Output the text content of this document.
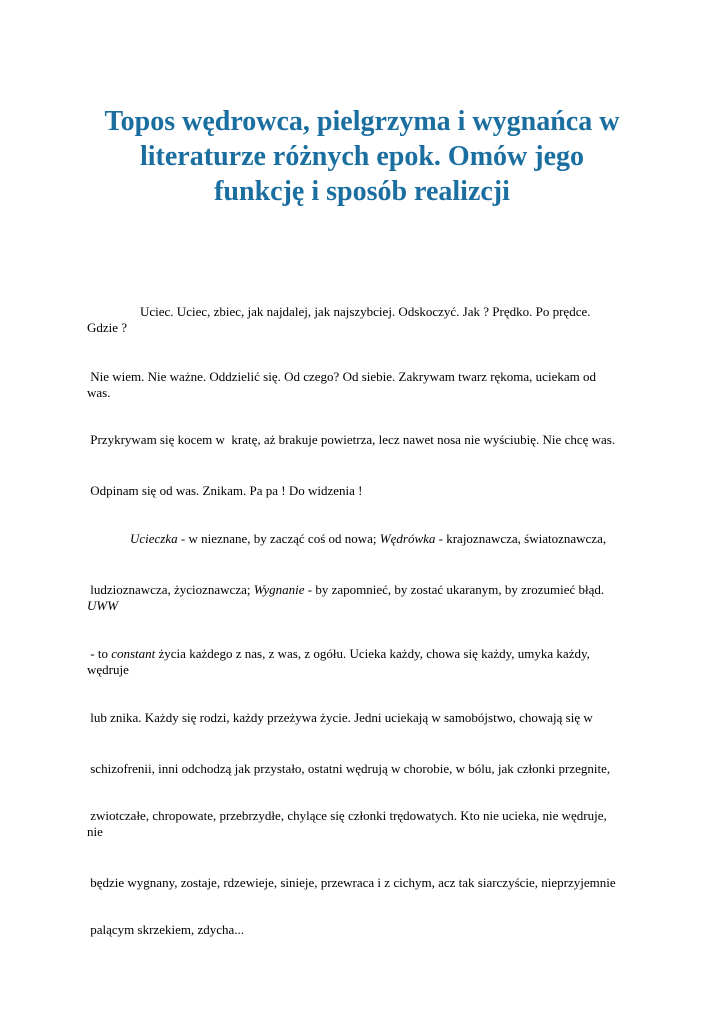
Topos wędrowca, pielgrzyma i wygnańca w
literaturze różnych epok. Omów jego
funkcję i sposób realizcji

Uciec. Uciec, zbiec, jak najdalej, jak najszybciej. Odskoczyć. Jak ? Prędko. Po prędce.
Gdzie ?

Nie wiem. Nie ważne. Oddzielić się. Od czego? Od siebie. Zakrywam twarz rękoma, uciekam od
was.

Przykrywam się kocem w  kratę, aż brakuje powietrza, lecz nawet nosa nie wyściubię. Nie chcę was.

Odpinam się od was. Znikam. Pa pa ! Do widzenia !

Ucieczka - w nieznane, by zacząć coś od nowa; Wędrówka - krajoznawcza, światoznawcza,

ludzioznawcza, życioznawcza; Wygnanie - by zapomnieć, by zostać ukaranym, by zrozumieć błąd.
UWW

- to constant życia każdego z nas, z was, z ogółu. Ucieka każdy, chowa się każdy, umyka każdy,
wędruje

lub znika. Każdy się rodzi, każdy przeżywa życie. Jedni uciekają w samobójstwo, chowają się w

schizofrenii, inni odchodzą jak przystało, ostatni wędrują w chorobie, w bólu, jak członki przegnite,

zwiotczałe, chropowate, przebrzydłe, chylące się członki trędowatych. Kto nie ucieka, nie wędruje,
nie

będzie wygnany, zostaje, rdzewieje, sinieje, przewraca i z cichym, acz tak siarczyście, nieprzyjemnie

palącym skrzekiem, zdycha...
